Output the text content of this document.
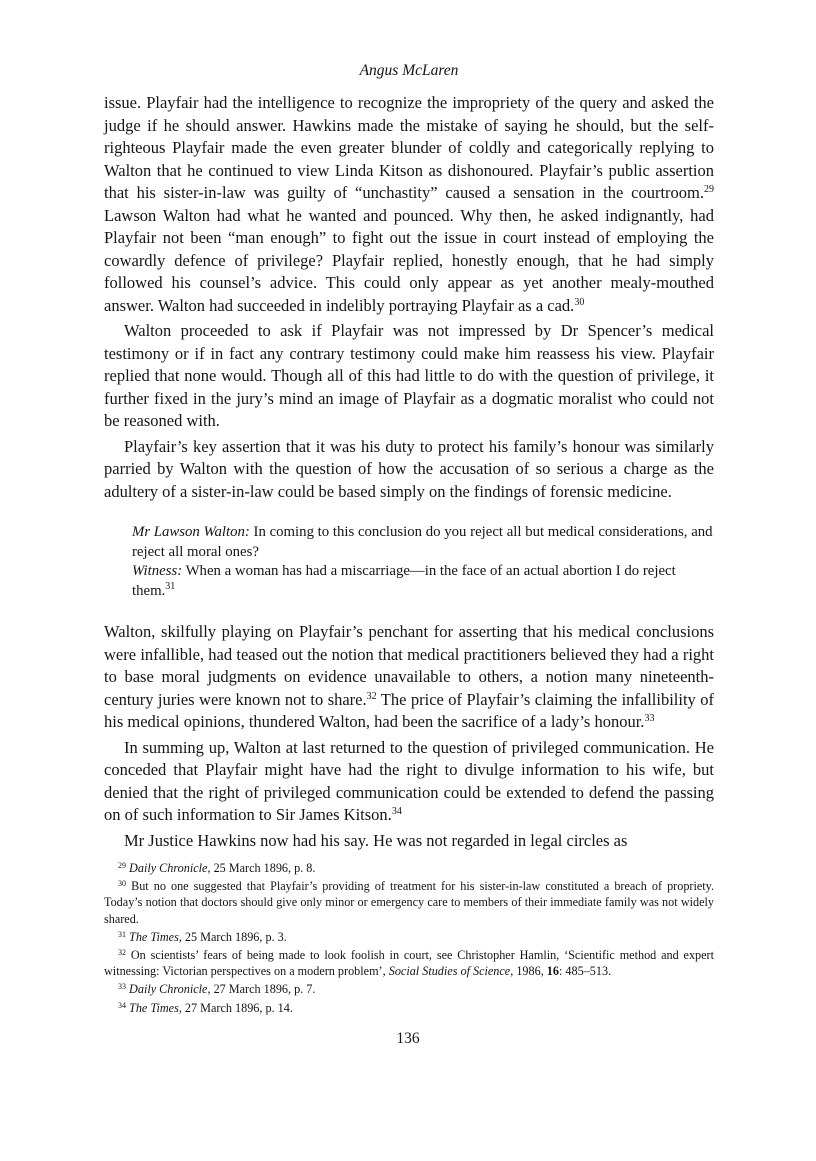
Angus McLaren

issue. Playfair had the intelligence to recognize the impropriety of the query and asked the judge if he should answer. Hawkins made the mistake of saying he should, but the self-righteous Playfair made the even greater blunder of coldly and categorically replying to Walton that he continued to view Linda Kitson as dishonoured. Playfair’s public assertion that his sister-in-law was guilty of “unchastity” caused a sensation in the courtroom.$^{29}$ Lawson Walton had what he wanted and pounced. Why then, he asked indignantly, had Playfair not been “man enough” to fight out the issue in court instead of employing the cowardly defence of privilege? Playfair replied, honestly enough, that he had simply followed his counsel’s advice. This could only appear as yet another mealy-mouthed answer. Walton had succeeded in indelibly portraying Playfair as a cad.$^{30}$

Walton proceeded to ask if Playfair was not impressed by Dr Spencer’s medical testimony or if in fact any contrary testimony could make him reassess his view. Playfair replied that none would. Though all of this had little to do with the question of privilege, it further fixed in the jury’s mind an image of Playfair as a dogmatic moralist who could not be reasoned with.

Playfair’s key assertion that it was his duty to protect his family’s honour was similarly parried by Walton with the question of how the accusation of so serious a charge as the adultery of a sister-in-law could be based simply on the findings of forensic medicine.

Mr Lawson Walton: In coming to this conclusion do you reject all but medical considerations, and reject all moral ones?
Witness: When a woman has had a miscarriage—in the face of an actual abortion I do reject them.$^{31}$

Walton, skilfully playing on Playfair’s penchant for asserting that his medical conclusions were infallible, had teased out the notion that medical practitioners believed they had a right to base moral judgments on evidence unavailable to others, a notion many nineteenth-century juries were known not to share.$^{32}$ The price of Playfair’s claiming the infallibility of his medical opinions, thundered Walton, had been the sacrifice of a lady’s honour.$^{33}$

In summing up, Walton at last returned to the question of privileged communication. He conceded that Playfair might have had the right to divulge information to his wife, but denied that the right of privileged communication could be extended to defend the passing on of such information to Sir James Kitson.$^{34}$

Mr Justice Hawkins now had his say. He was not regarded in legal circles as

$^{29}$ Daily Chronicle, 25 March 1896, p. 8.
$^{30}$ But no one suggested that Playfair’s providing of treatment for his sister-in-law constituted a breach of propriety. Today’s notion that doctors should give only minor or emergency care to members of their immediate family was not widely shared.
$^{31}$ The Times, 25 March 1896, p. 3.
$^{32}$ On scientists’ fears of being made to look foolish in court, see Christopher Hamlin, ‘Scientific method and expert witnessing: Victorian perspectives on a modern problem’, Social Studies of Science, 1986, 16: 485–513.
$^{33}$ Daily Chronicle, 27 March 1896, p. 7.
$^{34}$ The Times, 27 March 1896, p. 14.
136
